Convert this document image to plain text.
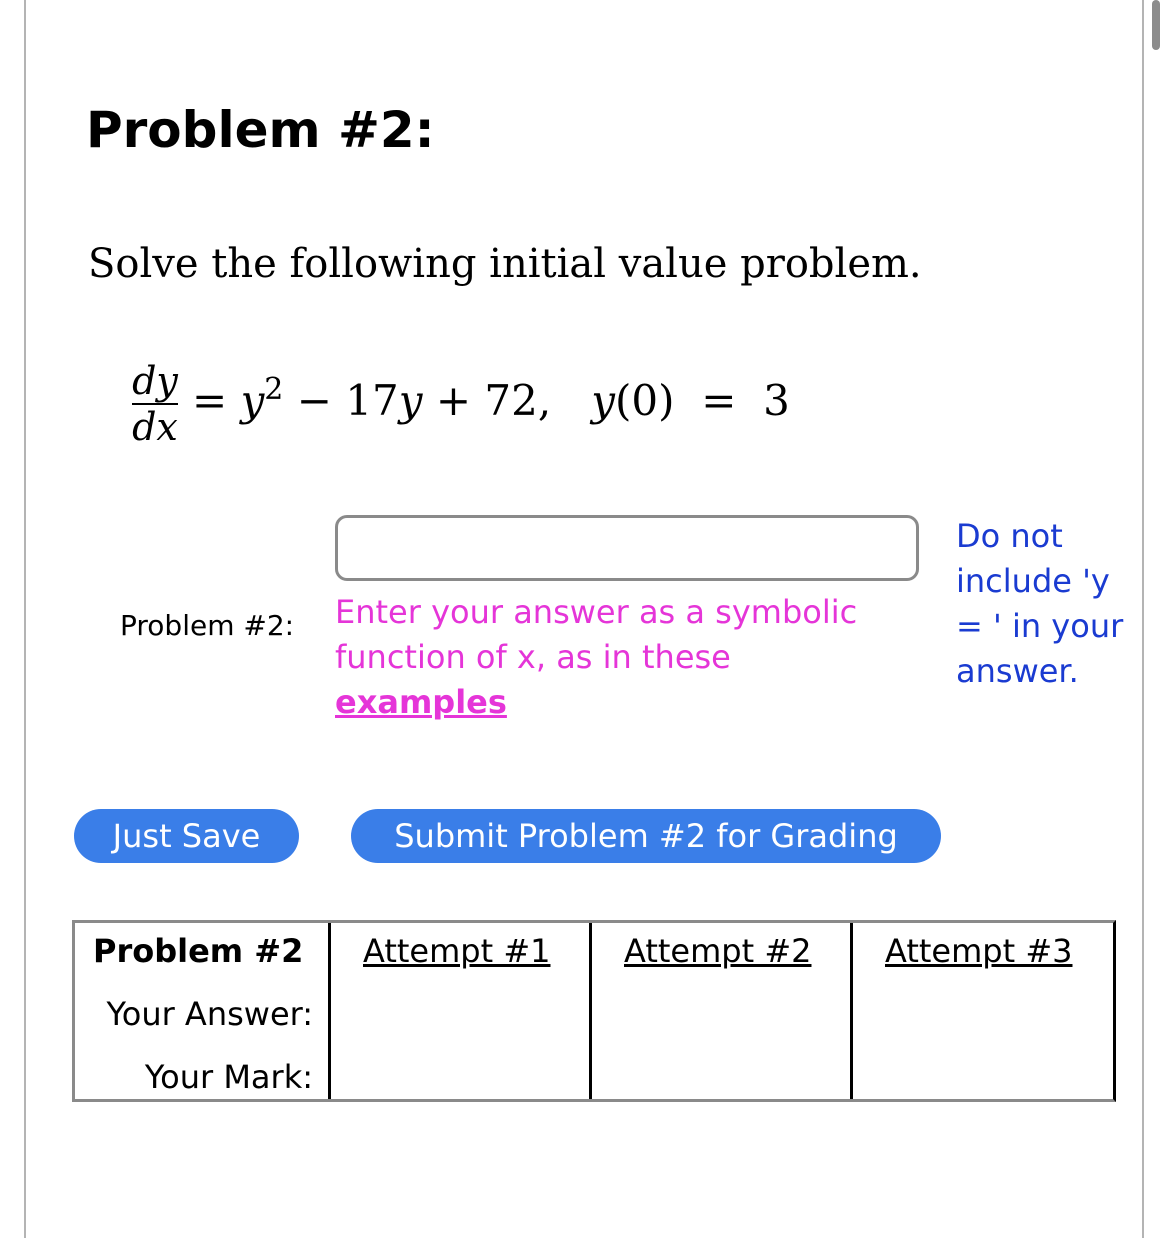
Problem #2:
Solve the following initial value problem.
dy
dx
= $y^2 - 17y + 72$, y(0) = 3
Problem #2: Enter your answer as a symbolic function of x, as in these
examples
Do not include 'y = ' in your answer.
Just Save	Submit Problem #2 for Grading
Problem #2
Your Answer:
Your Mark:
Attempt #1 Attempt #2 Attempt #3
